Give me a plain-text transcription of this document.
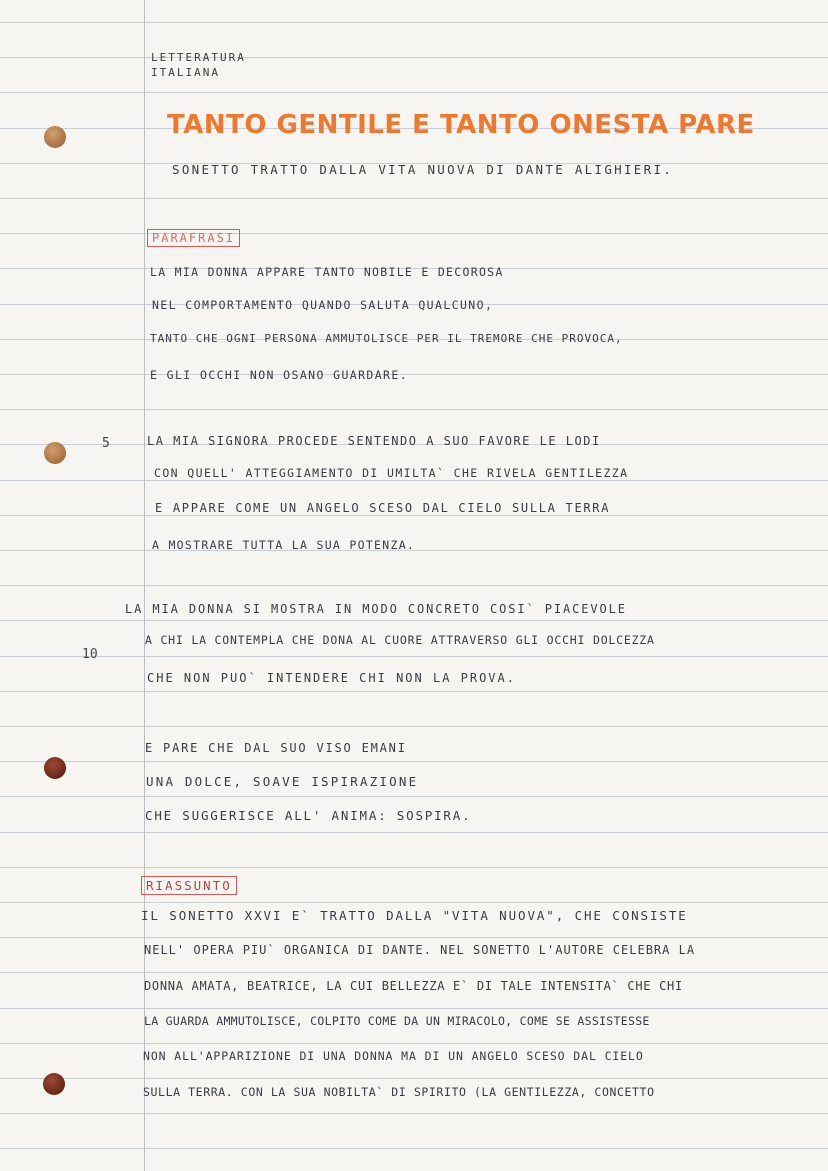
LETTERATURA
ITALIANA
TANTO GENTILE E TANTO ONESTA PARE
SONETTO TRATTO DALLA VITA NUOVA DI DANTE ALIGHIERI.
PARAFRASI
LA MIA DONNA APPARE TANTO NOBILE E DECOROSA
NEL COMPORTAMENTO QUANDO SALUTA QUALCUNO,
TANTO CHE OGNI PERSONA AMMUTOLISCE PER IL TREMORE CHE PROVOCA,
E GLI OCCHI NON OSANO GUARDARE.
5	LA MIA SIGNORA PROCEDE SENTENDO A SUO FAVORE LE LODI
CON QUELL' ATTEGGIAMENTO DI UMILTA` CHE RIVELA GENTILEZZA
E APPARE COME UN ANGELO SCESO DAL CIELO SULLA TERRA
A MOSTRARE TUTTA LA SUA POTENZA.
LA MIA DONNA SI MOSTRA IN MODO CONCRETO COSI` PIACEVOLE
10
A CHI LA CONTEMPLA CHE DONA AL CUORE ATTRAVERSO GLI OCCHI DOLCEZZA
CHE NON PUO` INTENDERE CHI NON LA PROVA.
E PARE CHE DAL SUO VISO EMANI
UNA DOLCE, SOAVE ISPIRAZIONE
CHE SUGGERISCE ALL' ANIMA: SOSPIRA.
RIASSUNTO
IL SONETTO XXVI E` TRATTO DALLA "VITA NUOVA", CHE CONSISTE
NELL' OPERA PIU` ORGANICA DI DANTE. NEL SONETTO L'AUTORE CELEBRA LA
DONNA AMATA, BEATRICE, LA CUI BELLEZZA E` DI TALE INTENSITA` CHE CHI
LA GUARDA AMMUTOLISCE, COLPITO COME DA UN MIRACOLO, COME SE ASSISTESSE
NON ALL'APPARIZIONE DI UNA DONNA MA DI UN ANGELO SCESO DAL CIELO
SULLA TERRA. CON LA SUA NOBILTA` DI SPIRITO (LA GENTILEZZA, CONCETTO
